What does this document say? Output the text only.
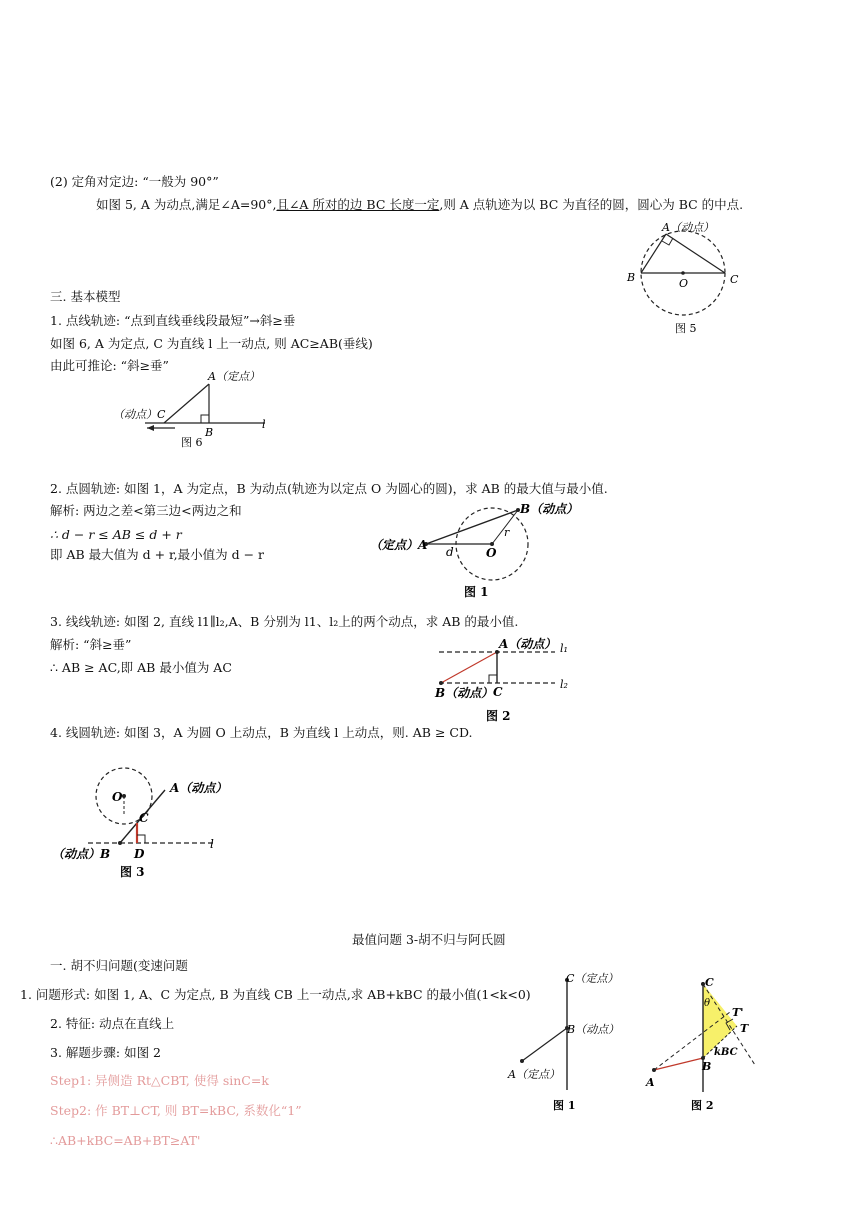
(2) 定角对定边: “一般为 90°”
如图 5, A 为动点,满足∠A=90°,且∠A 所对的边 BC 长度一定,则 A 点轨迹为以 BC 为直径的圆，圆心为 BC 的中点.
A（动点）
B	C
O
图 5
三. 基本模型
1. 点线轨迹: “点到直线垂线段最短”→斜≥垂
如图 6, A 为定点, C 为直线 l 上一动点, 则 AC≥AB(垂线)
由此可推论: “斜≥垂”
A（定点）
（动点）C
B
l
图 6
2. 点圆轨迹: 如图 1，A 为定点，B 为动点(轨迹为以定点 O 为圆心的圆)，求 AB 的最大值与最小值.
解析: 两边之差<第三边<两边之和
∴ d − r ≤ AB ≤ d + r
即 AB 最大值为 d + r,最小值为 d − r
（定点）A
B（动点）
O
d
r
图 1
3. 线线轨迹: 如图 2, 直线 l1∥l₂,A、B 分别为 l1、l₂上的两个动点，求 AB 的最小值.
解析: “斜≥垂”
∴ AB ≥ AC,即 AB 最小值为 AC
A（动点）
B（动点） C
l₁
l₂
图 2
4. 线圆轨迹: 如图 3，A 为圆 O 上动点，B 为直线 l 上动点，则. AB ≥ CD.
A（动点）
（动点）B
O
C
D
l
图 3
最值问题 3-胡不归与阿氏圆
一. 胡不归问题(变速问题
1. 问题形式: 如图 1, A、C 为定点, B 为直线 CB 上一动点,求 AB+kBC 的最小值(1<k<0)
2. 特征: 动点在直线上
3. 解题步骤: 如图 2
Step1: 异侧造 Rt△CBT, 使得 sinC=k
Step2: 作 BT⊥CT, 则 BT=kBC, 系数化“1”
∴AB+kBC=AB+BT≥AT'
C（定点）
B（动点）
A（定点）
图 1
C
θ
T'
T
kBC
B
A
图 2
